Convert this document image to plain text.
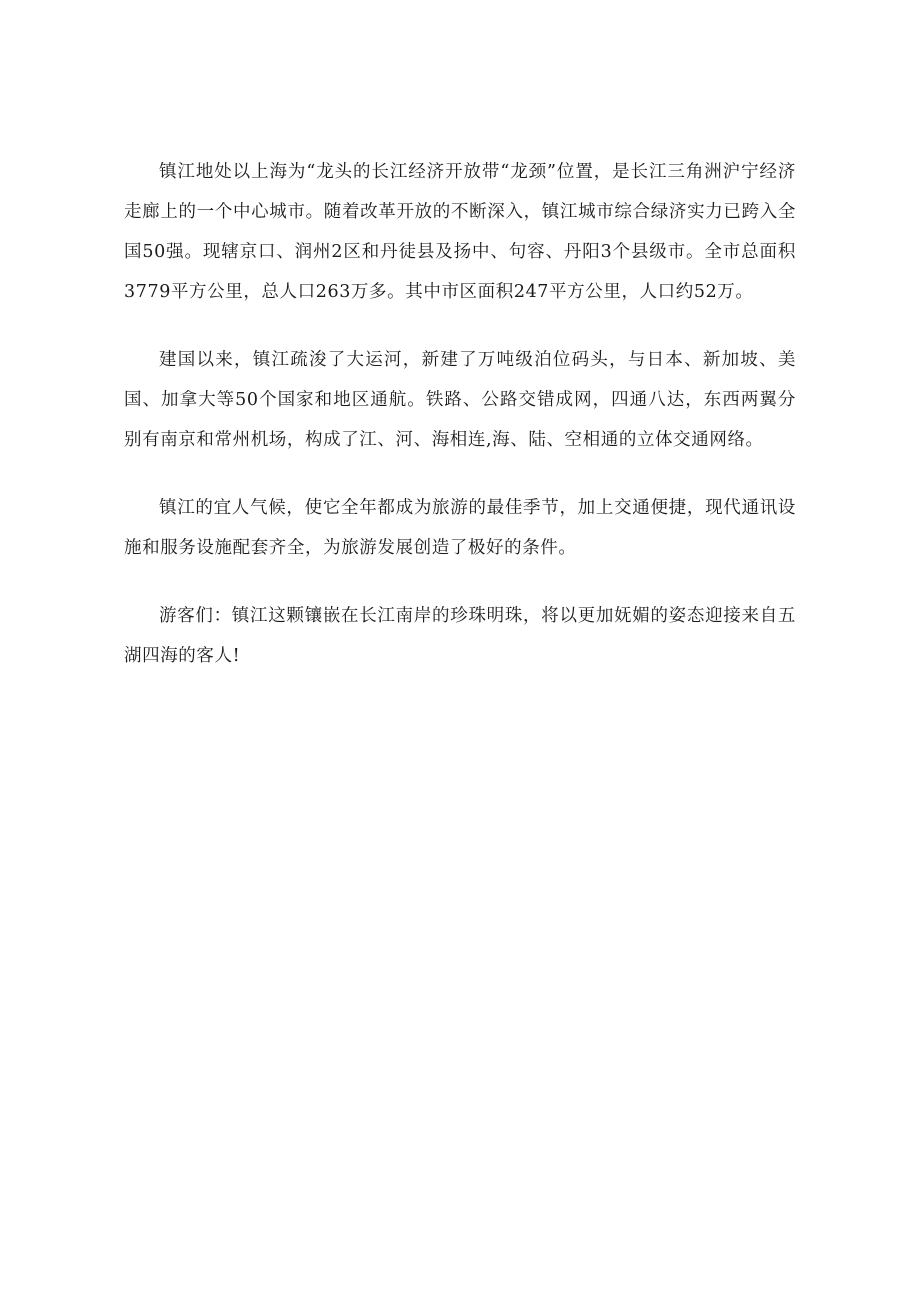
镇江地处以上海为“龙头的长江经济开放带“龙颈”位置，是长江三角洲沪宁经济走廊上的一个中心城市。随着改革开放的不断深入，镇江城市综合绿济实力已跨入全国50强。现辖京口、润州2区和丹徒县及扬中、句容、丹阳3个县级市。全市总面积3779平方公里，总人口263万多。其中市区面积247平方公里，人口约52万。

建国以来，镇江疏浚了大运河，新建了万吨级泊位码头，与日本、新加坡、美国、加拿大等50个国家和地区通航。铁路、公路交错成网，四通八达，东西两翼分别有南京和常州机场，构成了江、河、海相连,海、陆、空相通的立体交通网络。

镇江的宜人气候，使它全年都成为旅游的最佳季节，加上交通便捷，现代通讯设施和服务设施配套齐全，为旅游发展创造了极好的条件。

游客们：镇江这颗镶嵌在长江南岸的珍珠明珠，将以更加妩媚的姿态迎接来自五湖四海的客人!
